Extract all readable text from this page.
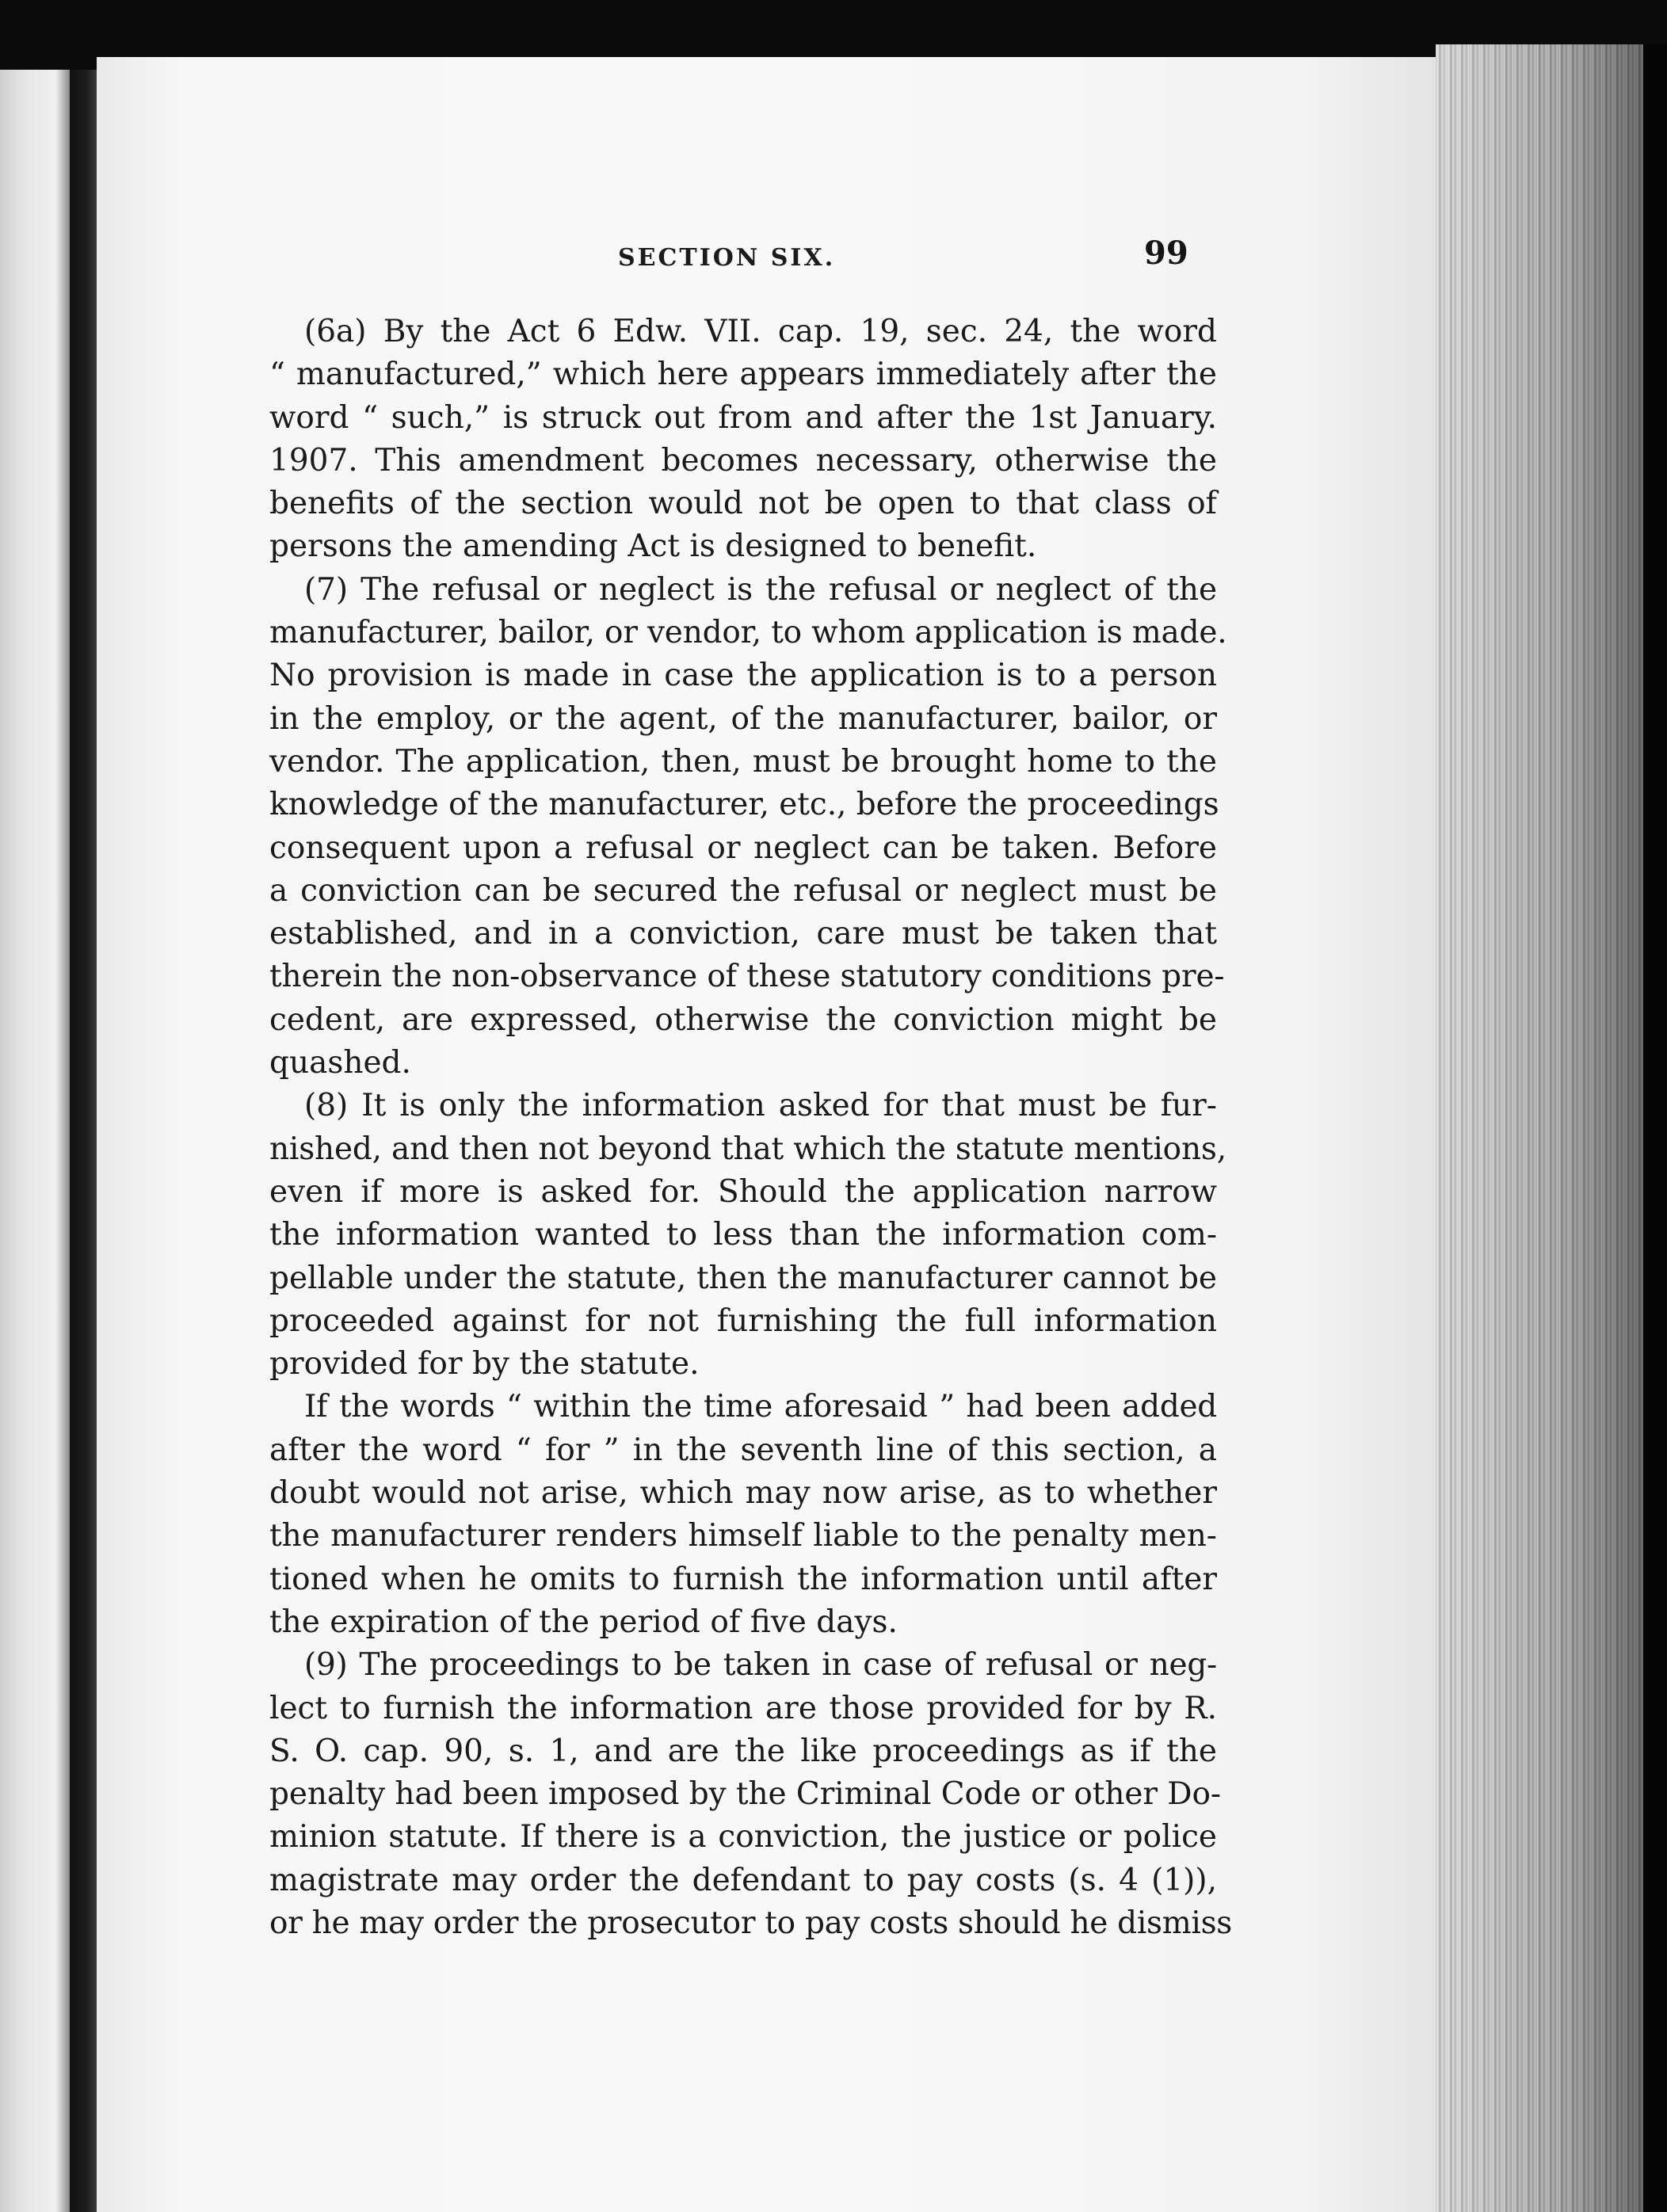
SECTION SIX.	99
(6a) By the Act 6 Edw. VII. cap. 19, sec. 24, the word
“ manufactured,” which here appears immediately after the
word “ such,” is struck out from and after the 1st January.
1907. This amendment becomes necessary, otherwise the
benefits of the section would not be open to that class of
persons the amending Act is designed to benefit.
(7) The refusal or neglect is the refusal or neglect of the
manufacturer, bailor, or vendor, to whom application is made.
No provision is made in case the application is to a person
in the employ, or the agent, of the manufacturer, bailor, or
vendor. The application, then, must be brought home to the
knowledge of the manufacturer, etc., before the proceedings
consequent upon a refusal or neglect can be taken. Before
a conviction can be secured the refusal or neglect must be
established, and in a conviction, care must be taken that
therein the non-observance of these statutory conditions pre-
cedent, are expressed, otherwise the conviction might be
quashed.
(8) It is only the information asked for that must be fur-
nished, and then not beyond that which the statute mentions,
even if more is asked for. Should the application narrow
the information wanted to less than the information com-
pellable under the statute, then the manufacturer cannot be
proceeded against for not furnishing the full information
provided for by the statute.
If the words “ within the time aforesaid ” had been added
after the word “ for ” in the seventh line of this section, a
doubt would not arise, which may now arise, as to whether
the manufacturer renders himself liable to the penalty men-
tioned when he omits to furnish the information until after
the expiration of the period of five days.
(9) The proceedings to be taken in case of refusal or neg-
lect to furnish the information are those provided for by R.
S. O. cap. 90, s. 1, and are the like proceedings as if the
penalty had been imposed by the Criminal Code or other Do-
minion statute. If there is a conviction, the justice or police
magistrate may order the defendant to pay costs (s. 4 (1)),
or he may order the prosecutor to pay costs should he dismiss
